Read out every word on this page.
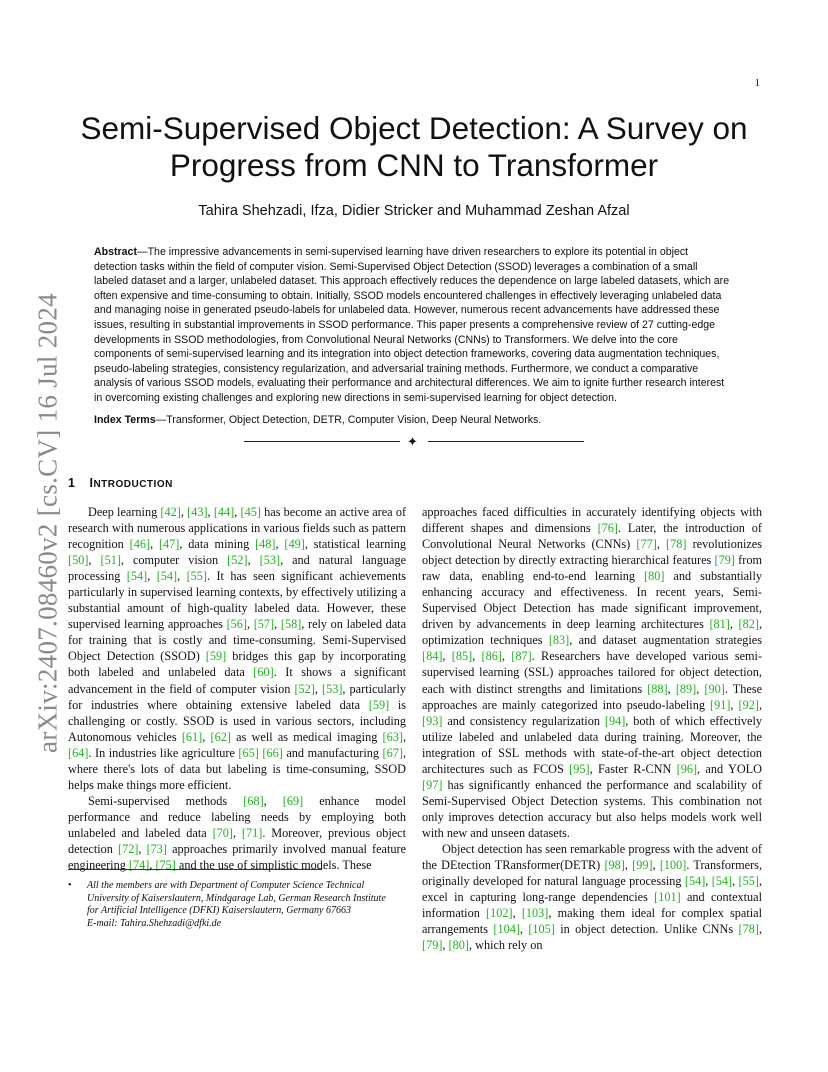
1
arXiv:2407.08460v2 [cs.CV] 16 Jul 2024
Semi-Supervised Object Detection: A Survey on
Progress from CNN to Transformer
Tahira Shehzadi, Ifza, Didier Stricker and Muhammad Zeshan Afzal
Abstract—The impressive advancements in semi-supervised learning have driven researchers to explore its potential in object detection tasks within the field of computer vision. Semi-Supervised Object Detection (SSOD) leverages a combination of a small labeled dataset and a larger, unlabeled dataset. This approach effectively reduces the dependence on large labeled datasets, which are often expensive and time-consuming to obtain. Initially, SSOD models encountered challenges in effectively leveraging unlabeled data and managing noise in generated pseudo-labels for unlabeled data. However, numerous recent advancements have addressed these issues, resulting in substantial improvements in SSOD performance. This paper presents a comprehensive review of 27 cutting-edge developments in SSOD methodologies, from Convolutional Neural Networks (CNNs) to Transformers. We delve into the core components of semi-supervised learning and its integration into object detection frameworks, covering data augmentation techniques, pseudo-labeling strategies, consistency regularization, and adversarial training methods. Furthermore, we conduct a comparative analysis of various SSOD models, evaluating their performance and architectural differences. We aim to ignite further research interest in overcoming existing challenges and exploring new directions in semi-supervised learning for object detection.
Index Terms—Transformer, Object Detection, DETR, Computer Vision, Deep Neural Networks.
✦
1 INTRODUCTION

Deep learning [42], [43], [44], [45] has become an active area of research with numerous applications in various fields such as pattern recognition [46], [47], data mining [48], [49], statistical learning [50], [51], computer vision [52], [53], and natural language processing [54], [54], [55]. It has seen significant achievements particularly in supervised learning contexts, by effectively utilizing a substantial amount of high-quality labeled data. However, these supervised learning approaches [56], [57], [58], rely on labeled data for training that is costly and time-consuming. Semi-Supervised Object Detection (SSOD) [59] bridges this gap by incorporating both labeled and unlabeled data [60]. It shows a significant advancement in the field of computer vision [52], [53], particularly for industries where obtaining extensive labeled data [59] is challenging or costly. SSOD is used in various sectors, including Autonomous vehicles [61], [62] as well as medical imaging [63], [64]. In industries like agriculture [65] [66] and manufacturing [67], where there's lots of data but labeling is time-consuming, SSOD helps make things more efficient.

Semi-supervised methods [68], [69] enhance model performance and reduce labeling needs by employing both unlabeled and labeled data [70], [71]. Moreover, previous object detection [72], [73] approaches primarily involved manual feature engineering [74], [75] and the use of simplistic models. These

approaches faced difficulties in accurately identifying objects with different shapes and dimensions [76]. Later, the introduction of Convolutional Neural Networks (CNNs) [77], [78] revolutionizes object detection by directly extracting hierarchical features [79] from raw data, enabling end-to-end learning [80] and substantially enhancing accuracy and effectiveness. In recent years, Semi-Supervised Object Detection has made significant improvement, driven by advancements in deep learning architectures [81], [82], optimization techniques [83], and dataset augmentation strategies [84], [85], [86], [87]. Researchers have developed various semi-supervised learning (SSL) approaches tailored for object detection, each with distinct strengths and limitations [88], [89], [90]. These approaches are mainly categorized into pseudo-labeling [91], [92], [93] and consistency regularization [94], both of which effectively utilize labeled and unlabeled data during training. Moreover, the integration of SSL methods with state-of-the-art object detection architectures such as FCOS [95], Faster R-CNN [96], and YOLO [97] has significantly enhanced the performance and scalability of Semi-Supervised Object Detection systems. This combination not only improves detection accuracy but also helps models work well with new and unseen datasets.

Object detection has seen remarkable progress with the advent of the DEtection TRansformer(DETR) [98], [99], [100]. Transformers, originally developed for natural language processing [54], [54], [55], excel in capturing long-range dependencies [101] and contextual information [102], [103], making them ideal for complex spatial arrangements [104], [105] in object detection. Unlike CNNs [78], [79], [80], which rely on

• All the members are with Department of Computer Science Technical
University of Kaiserslautern, Mindgarage Lab, German Research Institute
for Artificial Intelligence (DFKI) Kaiserslautern, Germany 67663
E-mail: Tahira.Shehzadi@dfki.de
